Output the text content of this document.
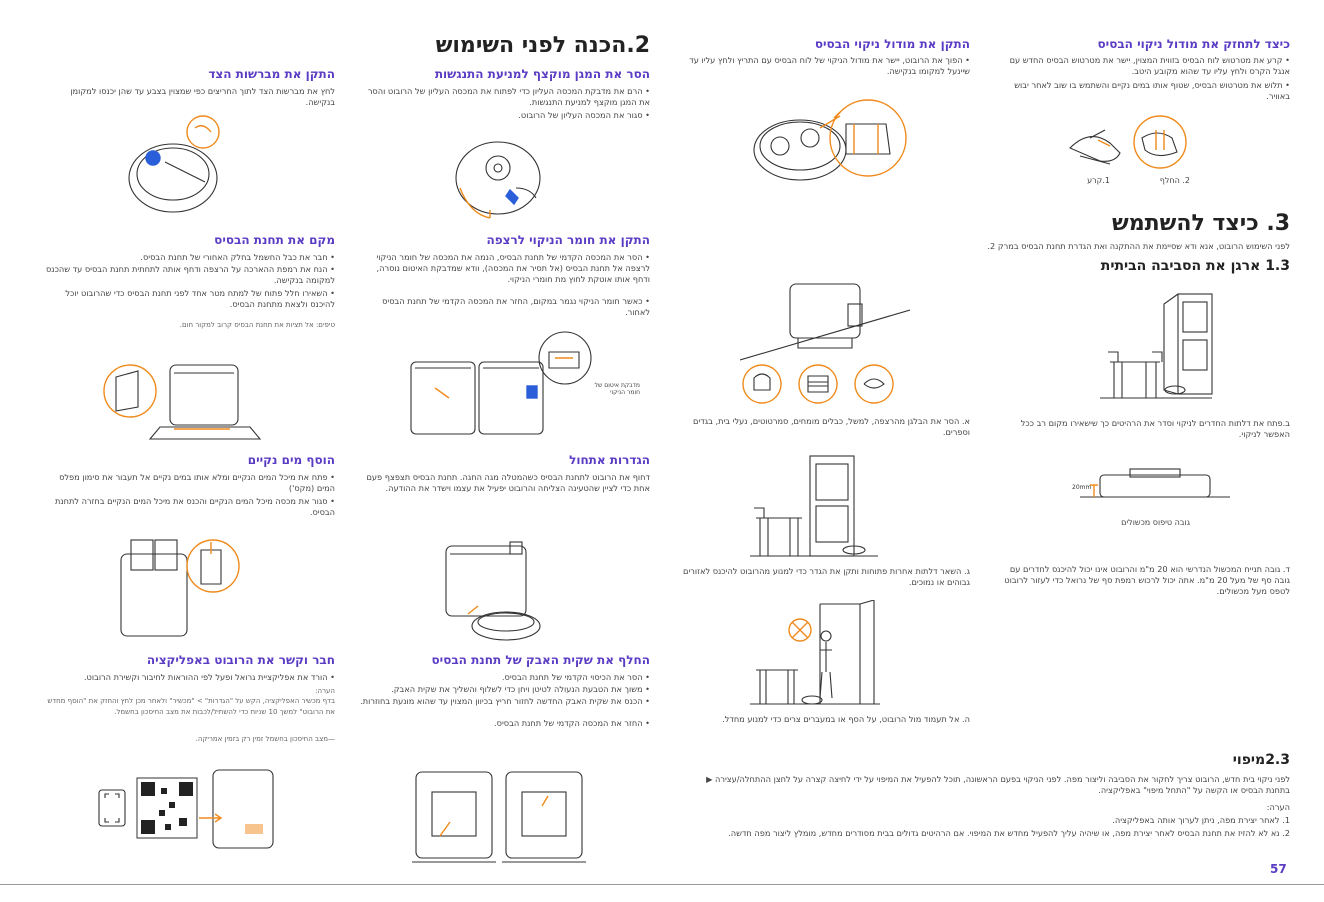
כיצד לתחזק את מודול ניקוי הבסיס
• קרע את מטרטוש לוח הבסיס בזווית המצוין, יישר את מטרטוש הבסיס החדש עם אנגל הקרס ולחץ עליו עד שהוא מקובע היטב.
• תלוש את מטרטוש הבסיס, שטוף אותו במים נקיים והשתמש בו שוב לאחר יבוש באוויר.
1.קרע	2. החלף
3. כיצד להשתמש
לפני השימוש הרובוט, אנא ודא שסיימת את ההתקנה ואת הגדרת תחנת הבסיס במרק 2.
1.3 ארגן את הסביבה הביתית
ב.פתח את דלתות החדרים לניקוי וסדר את הרהיטים כך שישאירו מקום רב ככל האפשר לניקוי.
20mm
גובה טיפוס מכשולים
ד. גובה תנייח המכשול הנדרשי הוא 20 מ"מ והרובוט אינו יכול להיכנס לחדרים עם גובה סף של מעל 20 מ"מ. אתה יכול לרכוש רמפת סף של נרואל כדי לעזור לרובוט לטפס מעל מכשולים.
התקן את מודול ניקוי הבסיס
• הפוך את הרובוט, יישר את מודול הניקוי של לוח הבסיס עם התריץ ולחץ עליו עד שיינעל למקומו בנקישה.
א. הסר את הבלגן מהרצפה, למשל, כבלים מומחים, סמרטוטים, נעלי בית, בגדים וספרים.
ג. השאר דלתות אחרות פתוחות ותקן את הגדר כדי למנוע מהרובוט להיכנס לאזורים גבוהים או נמוכים.
ה. אל תעמוד מול הרובוט, על הסף או במעברים צרים כדי למנוע מחדל.
2.3מיפוי
לפני ניקוי בית חדש, הרובוט צריך לחקור את הסביבה וליצור מפה. לפני הניקוי בפעם הראשונה, תוכל להפעיל את המיפוי על ידי לחיצה קצרה על לחצן ההתחלה/עצירה ▶ בתחנת הבסיס או הקשה על "התחל מיפוי" באפליקציה.
הערה:
1. לאחר יצירת מפה, ניתן לערוך אותה באפליקציה.
2. נא לא להזיז את תחנת הבסיס לאחר יצירת מפה, או שיהיה עליך להפעיל מחדש את המיפוי. אם הרהיטים גדולים בבית מסודרים מחדש, מומלץ ליצור מפה חדשה.
2.הכנה לפני השימוש
הסר את המגן מוקצף למניעת התנגשות
• הרם את מדבקת המכסה העליון כדי לפתוח את המכסה העליון של הרובוט והסר את המגן מוקצף למניעת התנגשות.
• סגור את המכסה העליון של הרובוט.
התקן את חומר הניקוי לרצפה
• הסר את המכסה הקדמי של תחנת הבסיס, הנמה את המכסה של חומר הניקוי לרצפה אל תחנת הבסיס (אל תסיר את המכסה), וודא שמדבקת האיטום נוסרה, ודחף אותו אוטקת לחוץ מת חומרי הניקוי.
• כאשר חומר הניקוי נגמר במקום, החזר את המכסה הקדמי של תחנת הבסיס לאחור.
מדבקת איטום של חומר הניקוי
הגדרות אתחול
דחוף את הרובוט לתחנת הבסיס כשהמטלה מגה החגה. תחנת הבסיס תצפצף פעם אחת כדי לציין שהטעינה הצליחה והרובוט יפעיל את עצמו וישדר את ההודעה.
החלף את שקית האבק של תחנת הבסיס
• הסר את הכיסוי הקדמי של תחנת הבסיס.
• משוך את הטבעת הנעולה לטיטן ויחן כדי לשלוף והשליך את שקית האבק.
• הכנס את שקית האבק החדשה לחזור חריץ בכיוון המצוין עד שהוא מונעת בחוזרות.
• החזר את המכסה הקדמי של תחנת הבסיס.
התקן את מברשות הצד
לחץ את מברשות הצד לתוך החריצים כפי שמצוין בצבע עד שהן יכנסו למקומן בנקישה.
מקם את תחנת הבסיס
• חבר את כבל החשמל בחלק האחורי של תחנת הבסיס.
• הנח את רמפת ההארכה על הרצפה ודחף אותה לתחתית תחנת הבסיס עד שהכנס למקומה בנקישה.
• השאירו חלל פתוח של למתח מטר אחד לפני תחנת הבסיס כדי שהרובוט יוכל להיכנס ולצאת מתחנת הבסיס.
טיפים: אל תציות את תחנת הבסיס קרוב למקור חום.
הוסף מים נקיים
• פתח את מיכל המים הנקיים ומלא אותו במים נקיים אל תעבור את סימון מפלס המים (מקס')
• סגור את מכסה מיכל המים הנקיים והכנס את מיכל המים הנקיים בחזרה לתחנת הבסיס.
חבר וקשר את הרובוט באפליקציה
• הורד את אפליקציית גרואל ופעל לפי ההוראות לחיבור וקשירת הרובוט.
הערה:
בדף מכשיר האפליקציה, הקש על "הגדרות" > "מכשיר" ולאחר מכן לחץ והחזק את "הוסף מחדש את הרובוט" למשך 10 שניות כדי להשתיל/לכבות את מצב החיסכון בחשמל.
—מצב החיסכון בחשמל זמין רק בזמין אמריקה.
57
